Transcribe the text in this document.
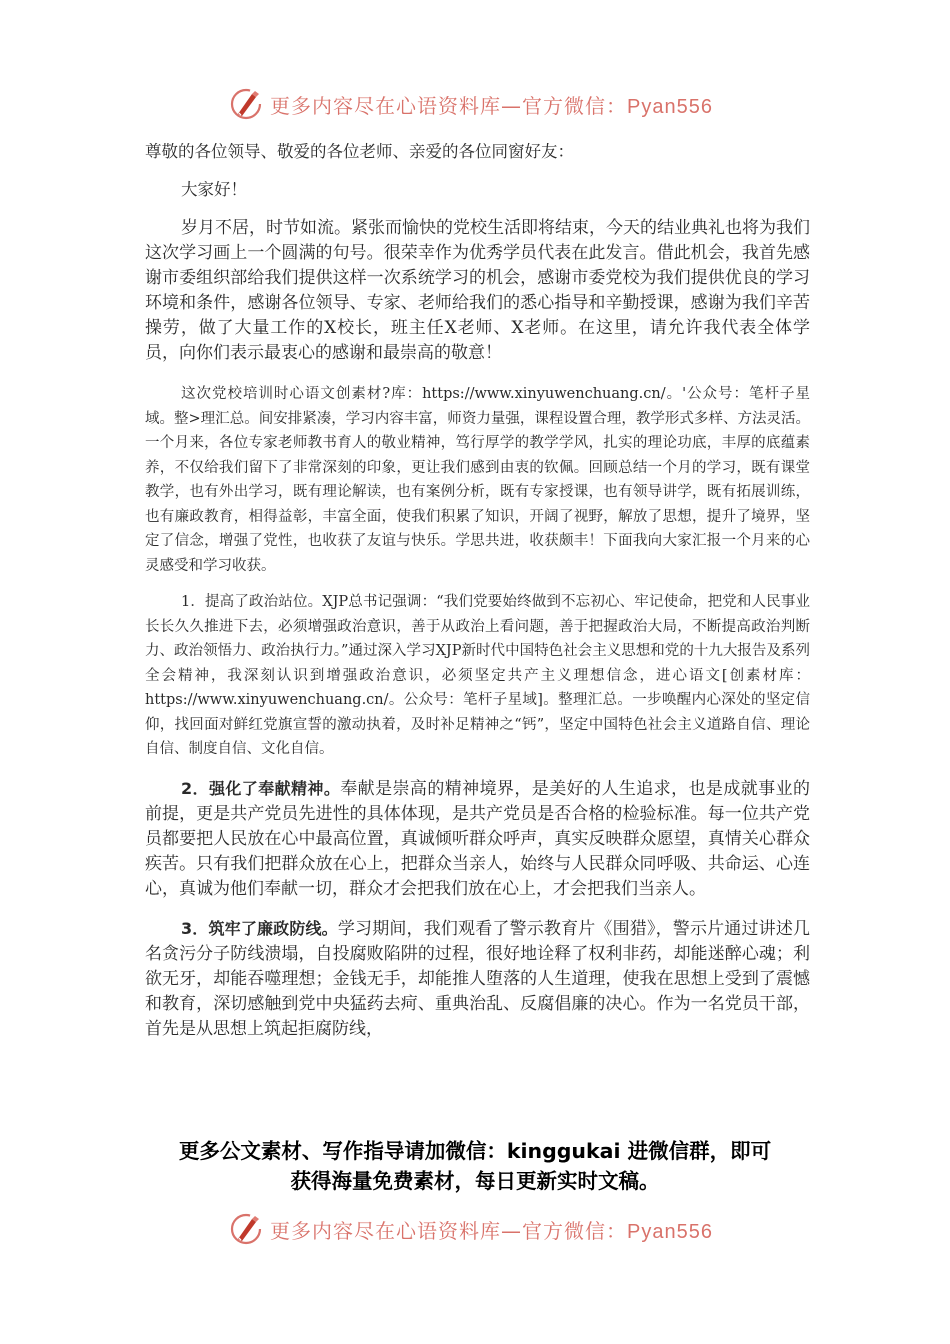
更多内容尽在心语资料库—官方微信：Pyan556

尊敬的各位领导、敬爱的各位老师、亲爱的各位同窗好友：

大家好！

岁月不居，时节如流。紧张而愉快的党校生活即将结束，今天的结业典礼也将为我们这次学习画上一个圆满的句号。很荣幸作为优秀学员代表在此发言。借此机会，我首先感谢市委组织部给我们提供这样一次系统学习的机会，感谢市委党校为我们提供优良的学习环境和条件，感谢各位领导、专家、老师给我们的悉心指导和辛勤授课，感谢为我们辛苦操劳，做了大量工作的X校长，班主任X老师、X老师。在这里，请允许我代表全体学员，向你们表示最衷心的感谢和最崇高的敬意！

这次党校培训时心语文创素材?库：https://www.xinyuwenchuang.cn/。'公众号：笔杆子星域。整>理汇总。间安排紧凑，学习内容丰富，师资力量强，课程设置合理，教学形式多样、方法灵活。一个月来，各位专家老师教书育人的敬业精神，笃行厚学的教学学风，扎实的理论功底，丰厚的底蕴素养，不仅给我们留下了非常深刻的印象，更让我们感到由衷的钦佩。回顾总结一个月的学习，既有课堂教学，也有外出学习，既有理论解读，也有案例分析，既有专家授课，也有领导讲学，既有拓展训练，也有廉政教育，相得益彰，丰富全面，使我们积累了知识，开阔了视野，解放了思想，提升了境界，坚定了信念，增强了党性，也收获了友谊与快乐。学思共进，收获颇丰！下面我向大家汇报一个月来的心灵感受和学习收获。

1．提高了政治站位。XJP总书记强调：“我们党要始终做到不忘初心、牢记使命，把党和人民事业长长久久推进下去，必须增强政治意识，善于从政治上看问题，善于把握政治大局，不断提高政治判断力、政治领悟力、政治执行力。”通过深入学习XJP新时代中国特色社会主义思想和党的十九大报告及系列全会精神，我深刻认识到增强政治意识，必须坚定共产主义理想信念，进心语文[创素材库：https://www.xinyuwenchuang.cn/。公众号：笔杆子星域]。整理汇总。一步唤醒内心深处的坚定信仰，找回面对鲜红党旗宣誓的激动执着，及时补足精神之“钙”，坚定中国特色社会主义道路自信、理论自信、制度自信、文化自信。

2．强化了奉献精神。奉献是崇高的精神境界，是美好的人生追求，也是成就事业的前提，更是共产党员先进性的具体体现，是共产党员是否合格的检验标准。每一位共产党员都要把人民放在心中最高位置，真诚倾听群众呼声，真实反映群众愿望，真情关心群众疾苦。只有我们把群众放在心上，把群众当亲人，始终与人民群众同呼吸、共命运、心连心，真诚为他们奉献一切，群众才会把我们放在心上，才会把我们当亲人。

3．筑牢了廉政防线。学习期间，我们观看了警示教育片《围猎》，警示片通过讲述几名贪污分子防线溃塌，自投腐败陷阱的过程，很好地诠释了权利非药，却能迷醉心魂；利欲无牙，却能吞噬理想；金钱无手，却能推人堕落的人生道理，使我在思想上受到了震憾和教育，深切感触到党中央猛药去疴、重典治乱、反腐倡廉的决心。作为一名党员干部，首先是从思想上筑起拒腐防线，

更多公文素材、写作指导请加微信：kinggukai 进微信群，即可
获得海量免费素材，每日更新实时文稿。
更多内容尽在心语资料库—官方微信：Pyan556
